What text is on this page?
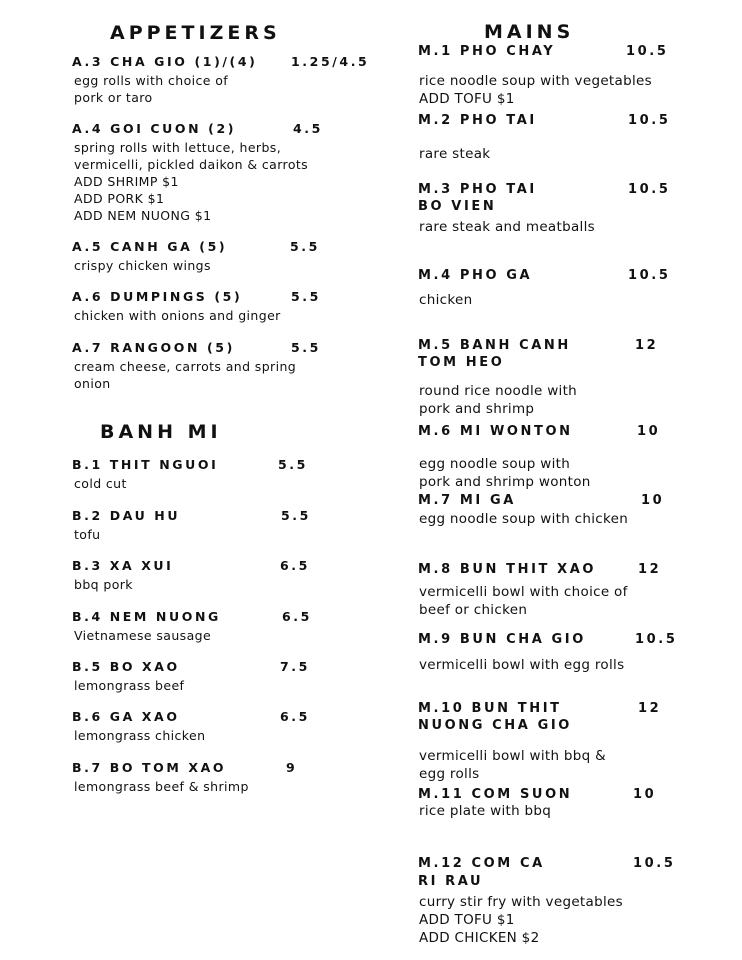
APPETIZERS
BANH MI
MAINS
A.3 CHA GIO (1)/(4)	1.25/4.5
egg rolls with choice of
pork or taro
A.4 GOI CUON (2)	4.5
spring rolls with lettuce, herbs,
vermicelli, pickled daikon & carrots
ADD SHRIMP $1
ADD PORK $1
ADD NEM NUONG $1
A.5 CANH GA (5)	5.5
crispy chicken wings
A.6 DUMPINGS (5)	5.5
chicken with onions and ginger
A.7 RANGOON (5)	5.5
cream cheese, carrots and spring
onion
B.1 THIT NGUOI	5.5
cold cut
B.2 DAU HU	5.5
tofu
B.3 XA XUI	6.5
bbq pork
B.4 NEM NUONG	6.5
Vietnamese sausage
B.5 BO XAO	7.5
lemongrass beef
B.6 GA XAO	6.5
lemongrass chicken
B.7 BO TOM XAO	9
lemongrass beef & shrimp
M.1 PHO CHAY	10.5
rice noodle soup with vegetables
ADD TOFU $1
M.2 PHO TAI	10.5
rare steak
M.3 PHO TAI
BO VIEN
10.5
rare steak and meatballs
M.4 PHO GA	10.5
chicken
M.5 BANH CANH
TOM HEO
12
round rice noodle with
pork and shrimp
M.6 MI WONTON	10
egg noodle soup with
pork and shrimp wonton
M.7 MI GA	10
egg noodle soup with chicken
M.8 BUN THIT XAO	12
vermicelli bowl with choice of
beef or chicken
M.9 BUN CHA GIO	10.5
vermicelli bowl with egg rolls
M.10 BUN THIT
NUONG CHA GIO
12
vermicelli bowl with bbq &
egg rolls
M.11 COM SUON	10
rice plate with bbq
M.12 COM CA
RI RAU
10.5
curry stir fry with vegetables
ADD TOFU $1
ADD CHICKEN $2
